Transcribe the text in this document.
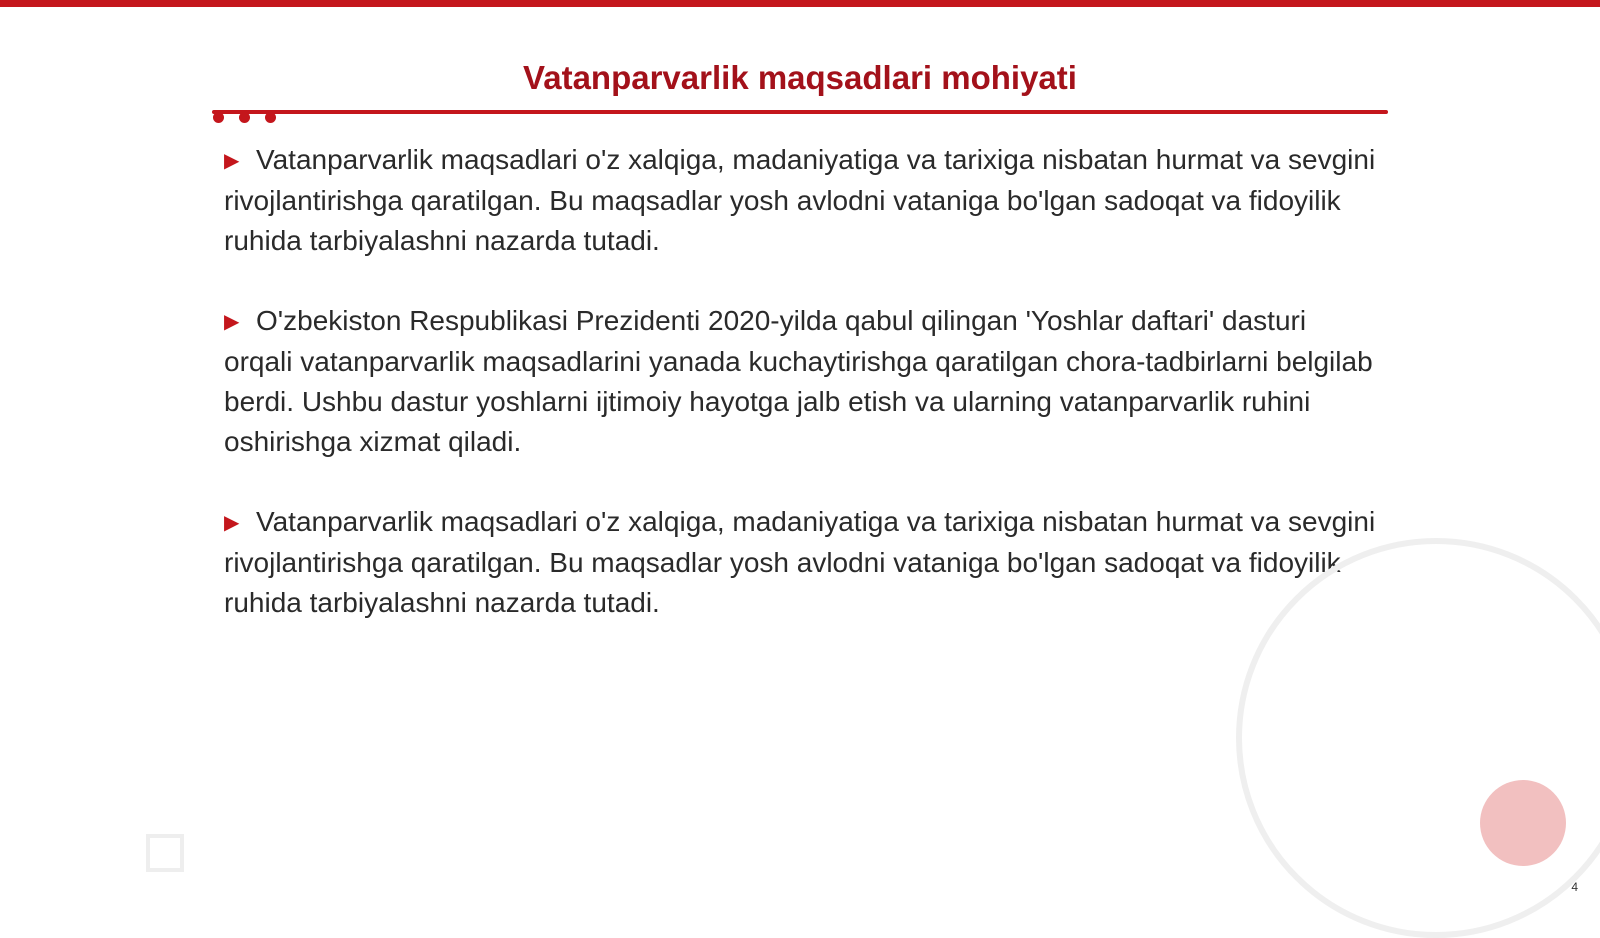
Vatanparvarlik maqsadlari mohiyati

▶ Vatanparvarlik maqsadlari o'z xalqiga, madaniyatiga va tarixiga nisbatan hurmat va sevgini rivojlantirishga qaratilgan. Bu maqsadlar yosh avlodni vataniga bo'lgan sadoqat va fidoyilik ruhida tarbiyalashni nazarda tutadi.

▶ O'zbekiston Respublikasi Prezidenti 2020-yilda qabul qilingan 'Yoshlar daftari' dasturi orqali vatanparvarlik maqsadlarini yanada kuchaytirishga qaratilgan chora-tadbirlarni belgilab berdi. Ushbu dastur yoshlarni ijtimoiy hayotga jalb etish va ularning vatanparvarlik ruhini oshirishga xizmat qiladi.

▶ Vatanparvarlik maqsadlari o'z xalqiga, madaniyatiga va tarixiga nisbatan hurmat va sevgini rivojlantirishga qaratilgan. Bu maqsadlar yosh avlodni vataniga bo'lgan sadoqat va fidoyilik ruhida tarbiyalashni nazarda tutadi.

4
